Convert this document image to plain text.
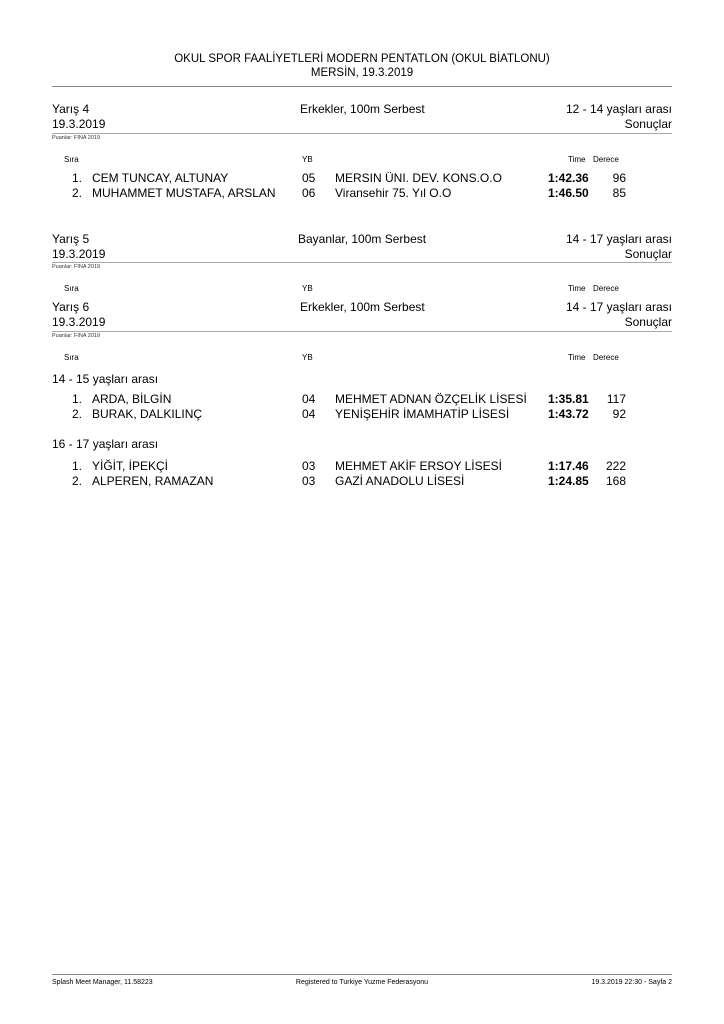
OKUL SPOR FAALİYETLERİ MODERN PENTATLON (OKUL BİATLONU)
MERSİN, 19.3.2019
Yarış 4
19.3.2019
Erkekler, 100m Serbest	12 - 14 yaşları arası
Sonuçlar
Puanlar: FINA 2019
Sıra	YB	Time Derece
1. CEM TUNCAY, ALTUNAY	05 MERSIN ÜNI. DEV. KONS.O.O	1:42.36	96
2. MUHAMMET MUSTAFA, ARSLAN 06 Viransehir 75. Yıl O.O	1:46.50	85
Yarış 5
19.3.2019
Bayanlar, 100m Serbest	14 - 17 yaşları arası
Sonuçlar
Puanlar: FINA 2019
Sıra	YB	Time Derece
Yarış 6
19.3.2019
Erkekler, 100m Serbest	14 - 17 yaşları arası
Sonuçlar
Puanlar: FINA 2019
Sıra	YB	Time Derece
14 - 15 yaşları arası
1. ARDA, BİLGİN	04 MEHMET ADNAN ÖZÇELİK LİSESİ 1:35.81	117
2. BURAK, DALKILINÇ	04 YENİŞEHİR İMAMHATİP LİSESİ	1:43.72	92
16 - 17 yaşları arası
1. YİĞİT, İPEKÇİ	03 MEHMET AKİF ERSOY LİSESİ	1:17.46	222
2. ALPEREN, RAMAZAN	03 GAZİ ANADOLU LİSESİ	1:24.85	168
Splash Meet Manager, 11.58223	Registered to Turkiye Yuzme Federasyonu	19.3.2019 22:30 - Sayfa 2
